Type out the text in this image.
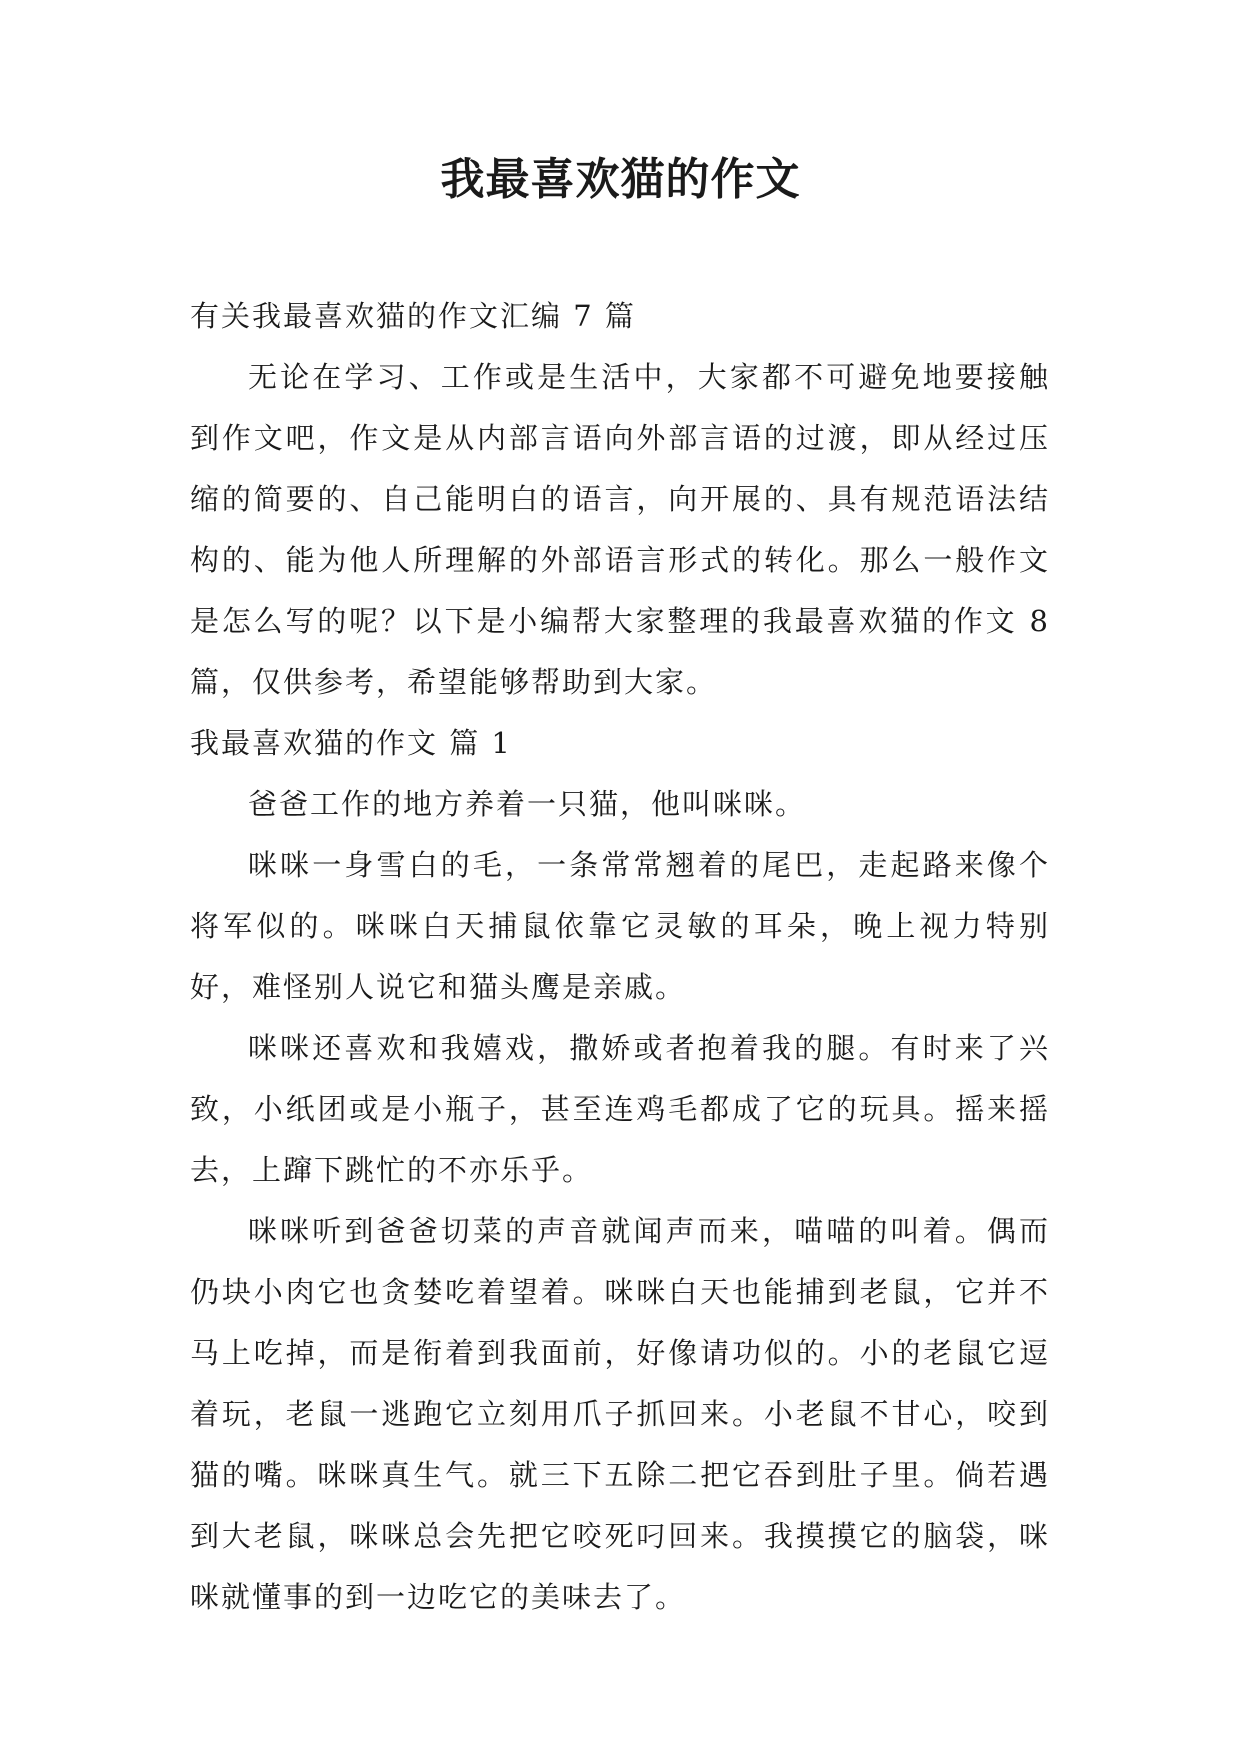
我最喜欢猫的作文

有关我最喜欢猫的作文汇编 7 篇

无论在学习、工作或是生活中，大家都不可避免地要接触到作文吧，作文是从内部言语向外部言语的过渡，即从经过压缩的简要的、自己能明白的语言，向开展的、具有规范语法结构的、能为他人所理解的外部语言形式的转化。那么一般作文是怎么写的呢？以下是小编帮大家整理的我最喜欢猫的作文 8 篇，仅供参考，希望能够帮助到大家。

我最喜欢猫的作文 篇 1

爸爸工作的地方养着一只猫，他叫咪咪。

咪咪一身雪白的毛，一条常常翘着的尾巴，走起路来像个将军似的。咪咪白天捕鼠依靠它灵敏的耳朵，晚上视力特别好，难怪别人说它和猫头鹰是亲戚。

咪咪还喜欢和我嬉戏，撒娇或者抱着我的腿。有时来了兴致，小纸团或是小瓶子，甚至连鸡毛都成了它的玩具。摇来摇去，上蹿下跳忙的不亦乐乎。

咪咪听到爸爸切菜的声音就闻声而来，喵喵的叫着。偶而仍块小肉它也贪婪吃着望着。咪咪白天也能捕到老鼠，它并不马上吃掉，而是衔着到我面前，好像请功似的。小的老鼠它逗着玩，老鼠一逃跑它立刻用爪子抓回来。小老鼠不甘心，咬到猫的嘴。咪咪真生气。就三下五除二把它吞到肚子里。倘若遇到大老鼠，咪咪总会先把它咬死叼回来。我摸摸它的脑袋，咪咪就懂事的到一边吃它的美味去了。
